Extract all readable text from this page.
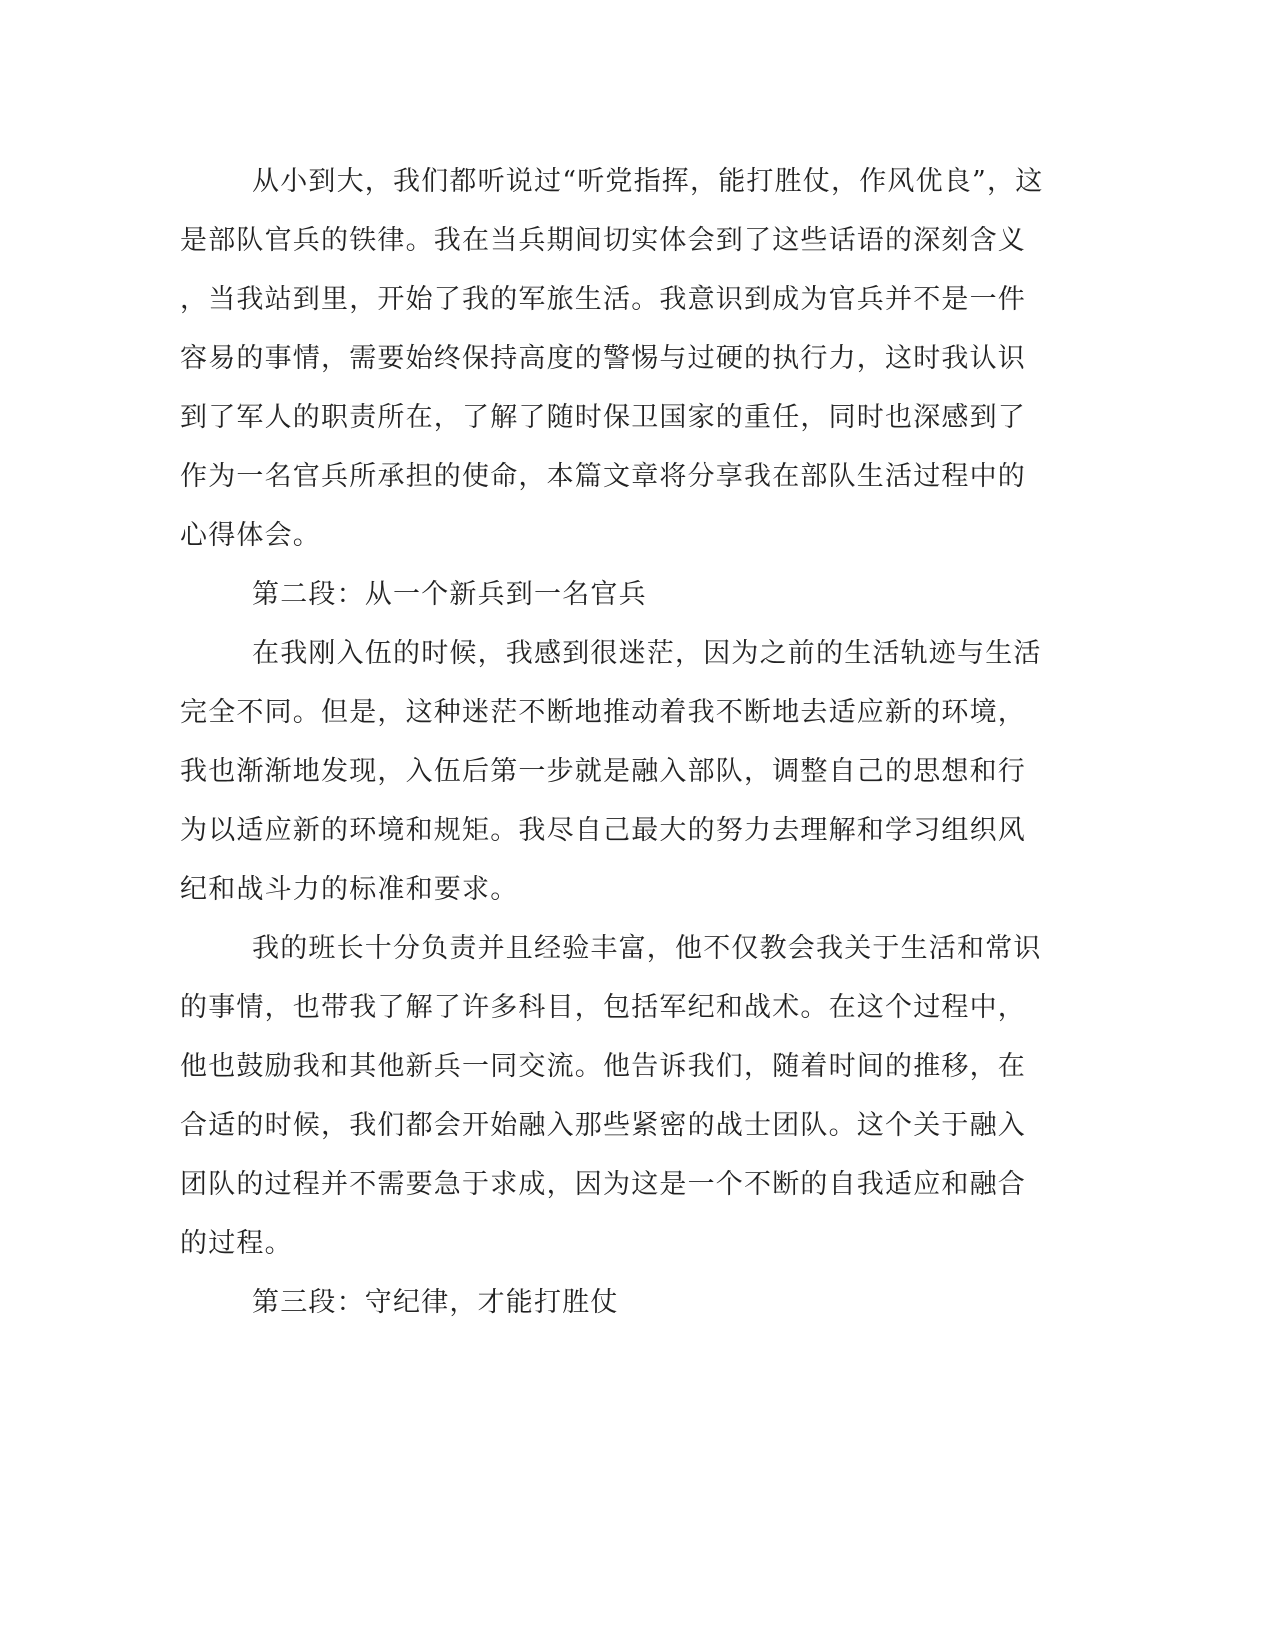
从小到大，我们都听说过“听党指挥，能打胜仗，作风优良”，这
是部队官兵的铁律。我在当兵期间切实体会到了这些话语的深刻含义
，当我站到里，开始了我的军旅生活。我意识到成为官兵并不是一件
容易的事情，需要始终保持高度的警惕与过硬的执行力，这时我认识
到了军人的职责所在，了解了随时保卫国家的重任，同时也深感到了
作为一名官兵所承担的使命，本篇文章将分享我在部队生活过程中的
心得体会。
第二段：从一个新兵到一名官兵
在我刚入伍的时候，我感到很迷茫，因为之前的生活轨迹与生活
完全不同。但是，这种迷茫不断地推动着我不断地去适应新的环境，
我也渐渐地发现，入伍后第一步就是融入部队，调整自己的思想和行
为以适应新的环境和规矩。我尽自己最大的努力去理解和学习组织风
纪和战斗力的标准和要求。
我的班长十分负责并且经验丰富，他不仅教会我关于生活和常识
的事情，也带我了解了许多科目，包括军纪和战术。在这个过程中，
他也鼓励我和其他新兵一同交流。他告诉我们，随着时间的推移，在
合适的时候，我们都会开始融入那些紧密的战士团队。这个关于融入
团队的过程并不需要急于求成，因为这是一个不断的自我适应和融合
的过程。
第三段：守纪律，才能打胜仗
